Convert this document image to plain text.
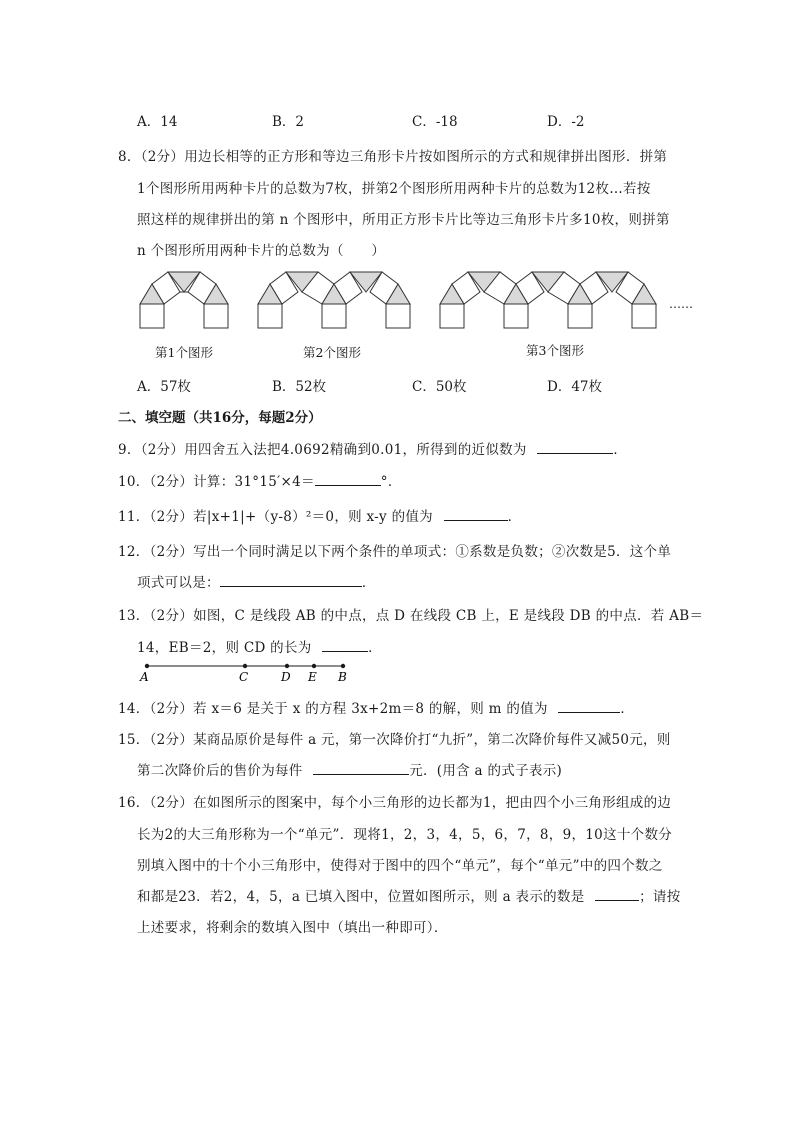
A．14	B．2	C．-18	D．-2
8．（2分）用边长相等的正方形和等边三角形卡片按如图所示的方式和规律拼出图形．拼第
1个图形所用两种卡片的总数为7枚，拼第2个图形所用两种卡片的总数为12枚…若按
照这样的规律拼出的第 n 个图形中，所用正方形卡片比等边三角形卡片多10枚，则拼第
n 个图形所用两种卡片的总数为（　　）
……
第1个图形	第2个图形	第3个图形
A．57枚	B．52枚	C．50枚	D．47枚
二、填空题（共16分，每题2分）
9．（2分）用四舍五入法把4.0692精确到0.01，所得到的近似数为	．
10．（2分）计算：31°15′×4＝	°．
11．（2分）若|x+1|+（y-8）²＝0，则 x-y 的值为	．
12．（2分）写出一个同时满足以下两个条件的单项式：①系数是负数；②次数是5．这个单
项式可以是：	．
13．（2分）如图，C 是线段 AB 的中点，点 D 在线段 CB 上，E 是线段 DB 的中点．若 AB＝
14，EB＝2，则 CD 的长为	．
A	C	D E B
14．（2分）若 x＝6 是关于 x 的方程 3x+2m＝8 的解，则 m 的值为	．
15．（2分）某商品原价是每件 a 元，第一次降价打“九折”，第二次降价每件又减50元，则
第二次降价后的售价为每件	元．(用含 a 的式子表示)
16．（2分）在如图所示的图案中，每个小三角形的边长都为1，把由四个小三角形组成的边
长为2的大三角形称为一个“单元”．现将1，2，3，4，5，6，7，8，9，10这十个数分
别填入图中的十个小三角形中，使得对于图中的四个“单元”，每个“单元”中的四个数之
和都是23．若2，4，5，a 已填入图中，位置如图所示，则 a 表示的数是	；请按
上述要求，将剩余的数填入图中（填出一种即可）．
